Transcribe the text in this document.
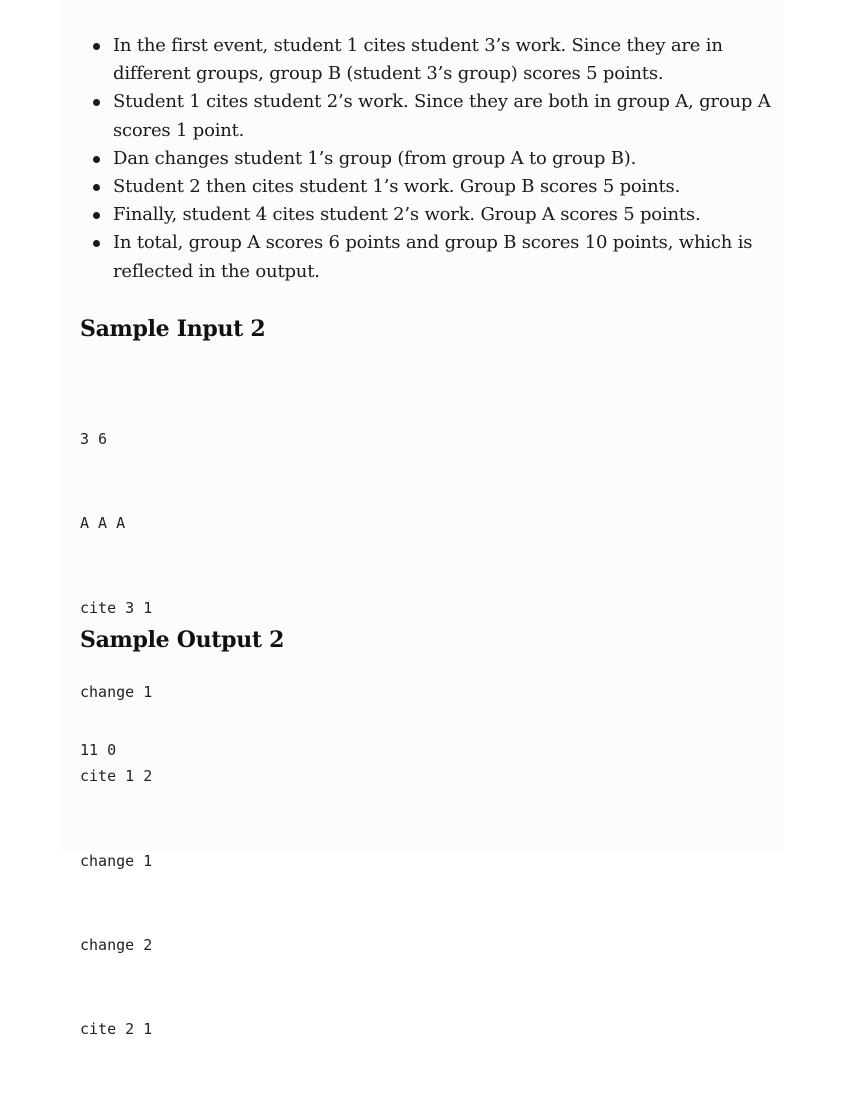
In the first event, student 1 cites student 3’s work. Since they are in different groups, group B (student 3’s group) scores 5 points.
Student 1 cites student 2’s work. Since they are both in group A, group A scores 1 point.
Dan changes student 1’s group (from group A to group B).
Student 2 then cites student 1’s work. Group B scores 5 points.
Finally, student 4 cites student 2’s work. Group A scores 5 points.
In total, group A scores 6 points and group B scores 10 points, which is reflected in the output.
Sample Input 2

3 6

A A A

cite 3 1

change 1

cite 1 2

change 1

change 2

cite 2 1

Sample Output 2

11 0
